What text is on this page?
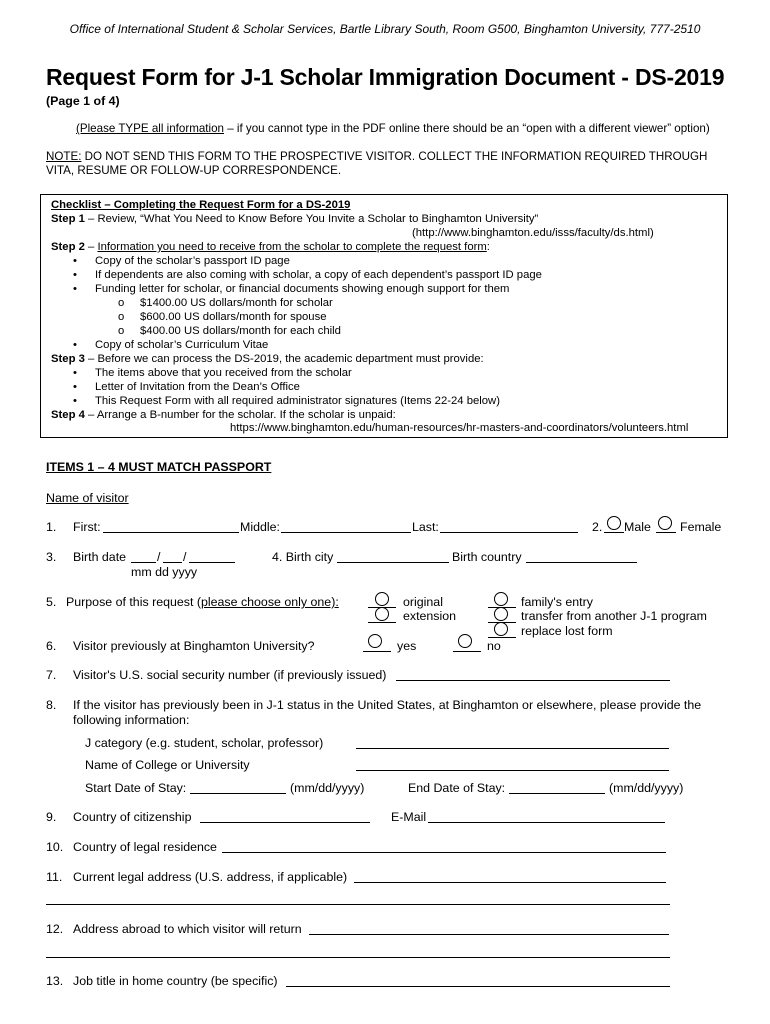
Office of International Student & Scholar Services, Bartle Library South, Room G500, Binghamton University, 777-2510
Request Form for J-1 Scholar Immigration Document - DS-2019
(Page 1 of 4)
(Please TYPE all information – if you cannot type in the PDF online there should be an “open with a different viewer” option)
NOTE: DO NOT SEND THIS FORM TO THE PROSPECTIVE VISITOR. COLLECT THE INFORMATION REQUIRED THROUGH
VITA, RESUME OR FOLLOW-UP CORRESPONDENCE.
Checklist – Completing the Request Form for a DS-2019
Step 1 – Review, “What You Need to Know Before You Invite a Scholar to Binghamton University”
(http://www.binghamton.edu/isss/faculty/ds.html)
Step 2 – Information you need to receive from the scholar to complete the request form:
• Copy of the scholar’s passport ID page
• If dependents are also coming with scholar, a copy of each dependent’s passport ID page
• Funding letter for scholar, or financial documents showing enough support for them
o $1400.00 US dollars/month for scholar
o $600.00 US dollars/month for spouse
o $400.00 US dollars/month for each child
• Copy of scholar’s Curriculum Vitae
Step 3 – Before we can process the DS-2019, the academic department must provide:
• The items above that you received from the scholar
• Letter of Invitation from the Dean’s Office
• This Request Form with all required administrator signatures (Items 22-24 below)
Step 4 – Arrange a B-number for the scholar. If the scholar is unpaid:
https://www.binghamton.edu/human-resources/hr-masters-and-coordinators/volunteers.html
ITEMS 1 – 4 MUST MATCH PASSPORT
Name of visitor
1. First:	Middle:	Last:	2. Male Female
3. Birth date / /
mm dd yyyy
4. Birth city	Birth country
5. Purpose of this request (please choose only one):	original
extension
family's entry
transfer from another J-1 program
replace lost form
6. Visitor previously at Binghamton University?	yes	no
7. Visitor's U.S. social security number (if previously issued)
8. If the visitor has previously been in J-1 status in the United States, at Binghamton or elsewhere, please provide the
following information:
J category (e.g. student, scholar, professor)
Name of College or University
Start Date of Stay:	(mm/dd/yyyy)	End Date of Stay:	(mm/dd/yyyy)
9. Country of citizenship	E-Mail
10. Country of legal residence
11. Current legal address (U.S. address, if applicable)
12. Address abroad to which visitor will return
13. Job title in home country (be specific)
